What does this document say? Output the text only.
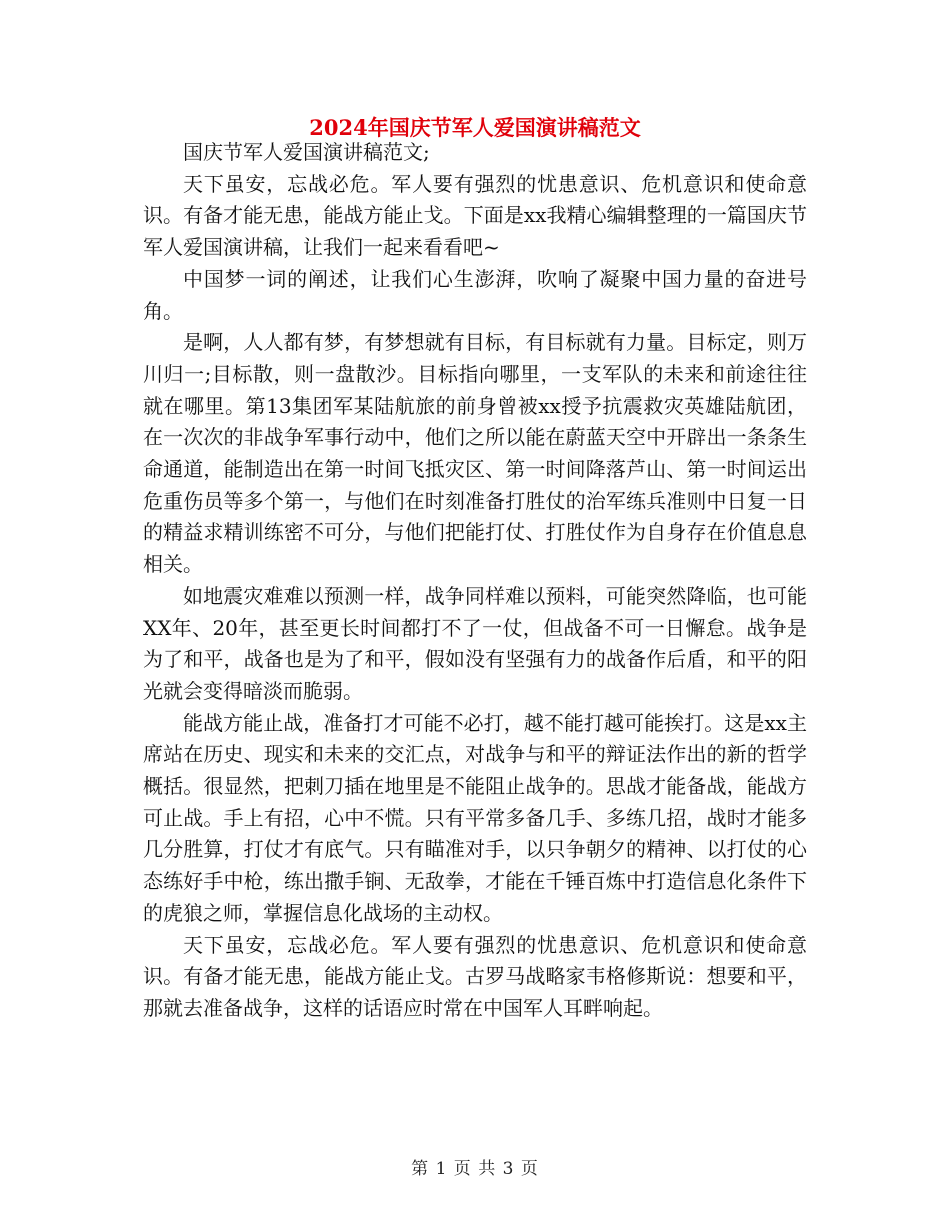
2024年国庆节军人爱国演讲稿范文

国庆节军人爱国演讲稿范文;

天下虽安，忘战必危。军人要有强烈的忧患意识、危机意识和使命意识。有备才能无患，能战方能止戈。下面是xx我精心编辑整理的一篇国庆节军人爱国演讲稿，让我们一起来看看吧~

中国梦一词的阐述，让我们心生澎湃，吹响了凝聚中国力量的奋进号角。

是啊，人人都有梦，有梦想就有目标，有目标就有力量。目标定，则万川归一;目标散，则一盘散沙。目标指向哪里，一支军队的未来和前途往往就在哪里。第13集团军某陆航旅的前身曾被xx授予抗震救灾英雄陆航团，在一次次的非战争军事行动中，他们之所以能在蔚蓝天空中开辟出一条条生命通道，能制造出在第一时间飞抵灾区、第一时间降落芦山、第一时间运出危重伤员等多个第一，与他们在时刻准备打胜仗的治军练兵准则中日复一日的精益求精训练密不可分，与他们把能打仗、打胜仗作为自身存在价值息息相关。

如地震灾难难以预测一样，战争同样难以预料，可能突然降临，也可能XX年、20年，甚至更长时间都打不了一仗，但战备不可一日懈怠。战争是为了和平，战备也是为了和平，假如没有坚强有力的战备作后盾，和平的阳光就会变得暗淡而脆弱。

能战方能止战，准备打才可能不必打，越不能打越可能挨打。这是xx主席站在历史、现实和未来的交汇点，对战争与和平的辩证法作出的新的哲学概括。很显然，把刺刀插在地里是不能阻止战争的。思战才能备战，能战方可止战。手上有招，心中不慌。只有平常多备几手、多练几招，战时才能多几分胜算，打仗才有底气。只有瞄准对手，以只争朝夕的精神、以打仗的心态练好手中枪，练出撒手锏、无敌拳，才能在千锤百炼中打造信息化条件下的虎狼之师，掌握信息化战场的主动权。

天下虽安，忘战必危。军人要有强烈的忧患意识、危机意识和使命意识。有备才能无患，能战方能止戈。古罗马战略家韦格修斯说：想要和平，那就去准备战争，这样的话语应时常在中国军人耳畔响起。

第 1 页 共 3 页
